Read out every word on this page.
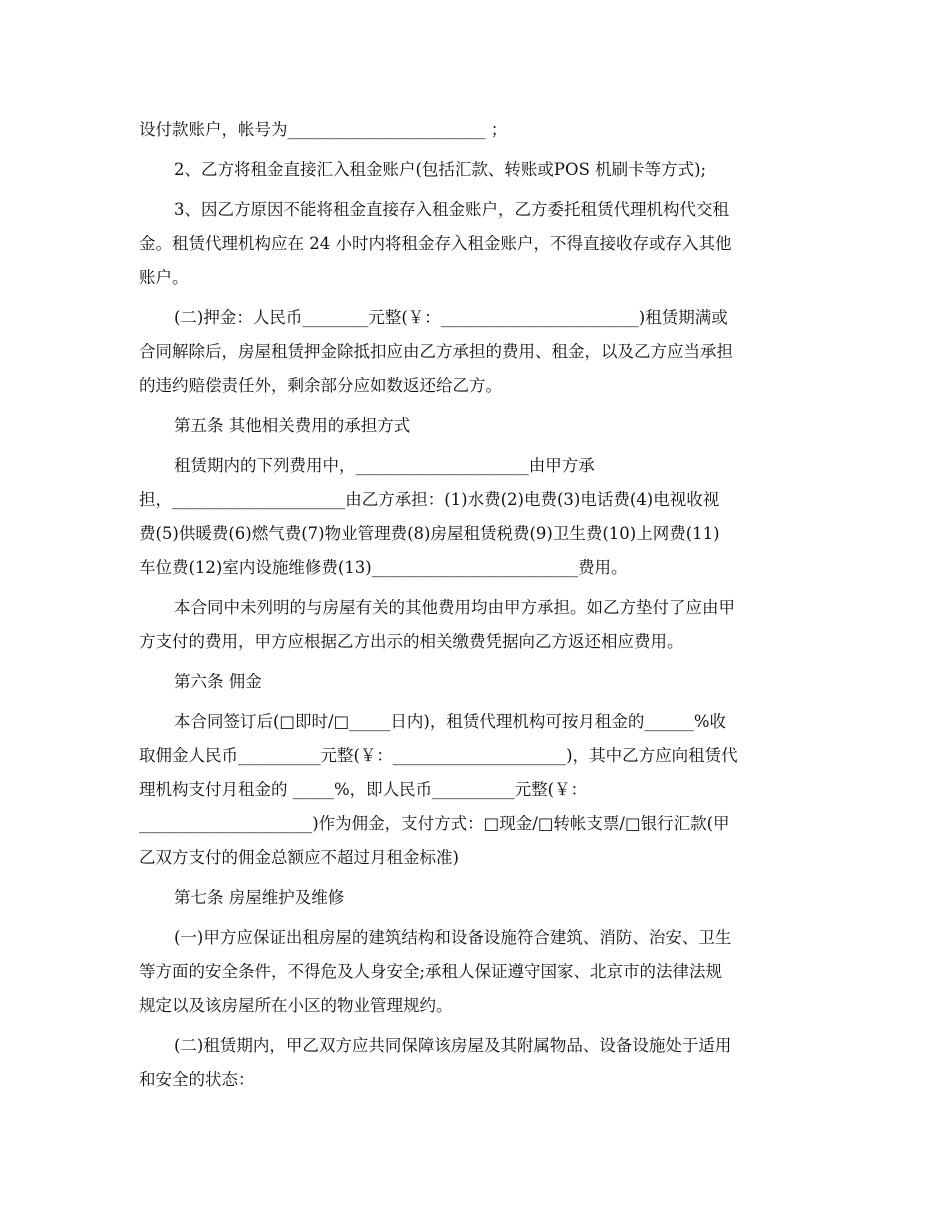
设付款账户，帐号为________________________ ；
2、乙方将租金直接汇入租金账户(包括汇款、转账或POS 机刷卡等方式);
3、因乙方原因不能将租金直接存入租金账户，乙方委托租赁代理机构代交租
金。租赁代理机构应在 24 小时内将租金存入租金账户，不得直接收存或存入其他
账户。
(二)押金：人民币________元整(￥：________________________)租赁期满或
合同解除后，房屋租赁押金除抵扣应由乙方承担的费用、租金，以及乙方应当承担
的违约赔偿责任外，剩余部分应如数返还给乙方。
第五条 其他相关费用的承担方式
租赁期内的下列费用中，_____________________由甲方承
担，_____________________由乙方承担：(1)水费(2)电费(3)电话费(4)电视收视
费(5)供暖费(6)燃气费(7)物业管理费(8)房屋租赁税费(9)卫生费(10)上网费(11)
车位费(12)室内设施维修费(13)_________________________费用。
本合同中未列明的与房屋有关的其他费用均由甲方承担。如乙方垫付了应由甲
方支付的费用，甲方应根据乙方出示的相关缴费凭据向乙方返还相应费用。
第六条 佣金
本合同签订后(□即时/□_____日内)，租赁代理机构可按月租金的______%收
取佣金人民币__________元整(￥：_____________________)，其中乙方应向租赁代
理机构支付月租金的 _____%，即人民币__________元整(￥：
_____________________)作为佣金，支付方式：□现金/□转帐支票/□银行汇款(甲
乙双方支付的佣金总额应不超过月租金标准)
第七条 房屋维护及维修
(一)甲方应保证出租房屋的建筑结构和设备设施符合建筑、消防、治安、卫生
等方面的安全条件，不得危及人身安全;承租人保证遵守国家、北京市的法律法规
规定以及该房屋所在小区的物业管理规约。
(二)租赁期内，甲乙双方应共同保障该房屋及其附属物品、设备设施处于适用
和安全的状态：
